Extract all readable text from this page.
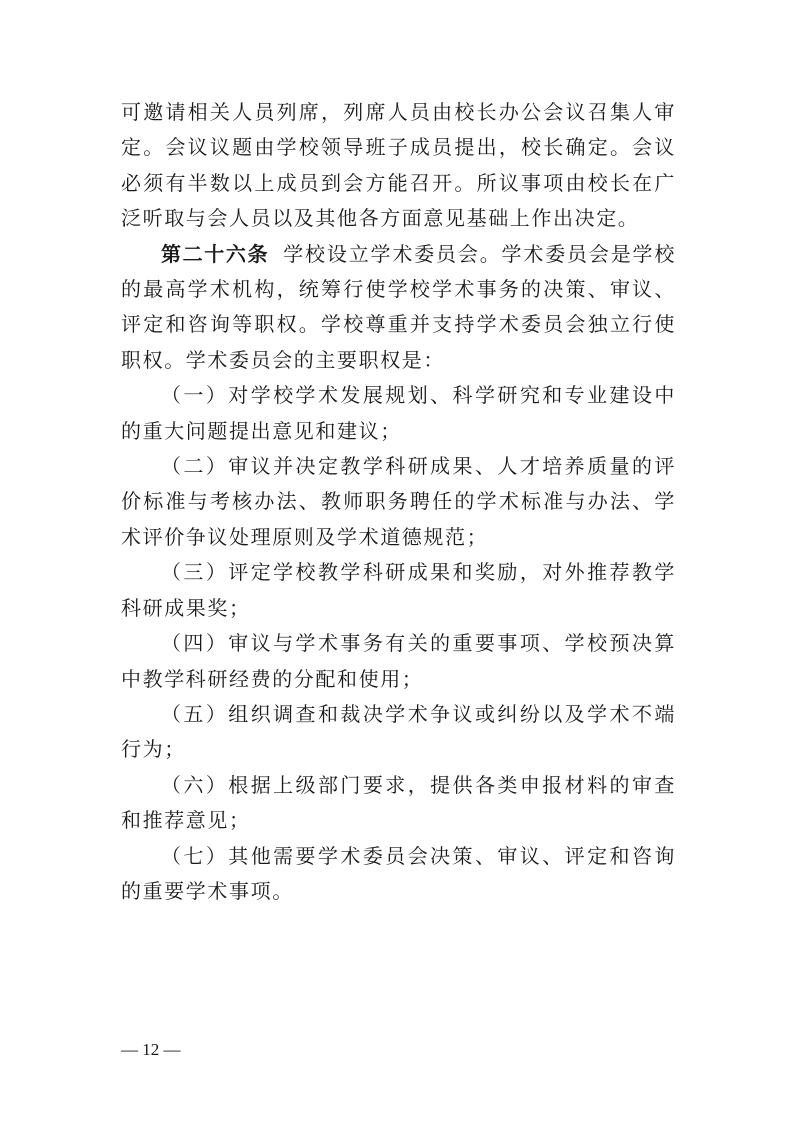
可邀请相关人员列席，列席人员由校长办公会议召集人审定。会议议题由学校领导班子成员提出，校长确定。会议必须有半数以上成员到会方能召开。所议事项由校长在广泛听取与会人员以及其他各方面意见基础上作出决定。

第二十六条 学校设立学术委员会。学术委员会是学校的最高学术机构，统筹行使学校学术事务的决策、审议、评定和咨询等职权。学校尊重并支持学术委员会独立行使职权。学术委员会的主要职权是：

（一）对学校学术发展规划、科学研究和专业建设中的重大问题提出意见和建议；

（二）审议并决定教学科研成果、人才培养质量的评价标准与考核办法、教师职务聘任的学术标准与办法、学术评价争议处理原则及学术道德规范；

（三）评定学校教学科研成果和奖励，对外推荐教学科研成果奖；

（四）审议与学术事务有关的重要事项、学校预决算中教学科研经费的分配和使用；

（五）组织调查和裁决学术争议或纠纷以及学术不端行为；

（六）根据上级部门要求，提供各类申报材料的审查和推荐意见；

（七）其他需要学术委员会决策、审议、评定和咨询的重要学术事项。

— 12 —
